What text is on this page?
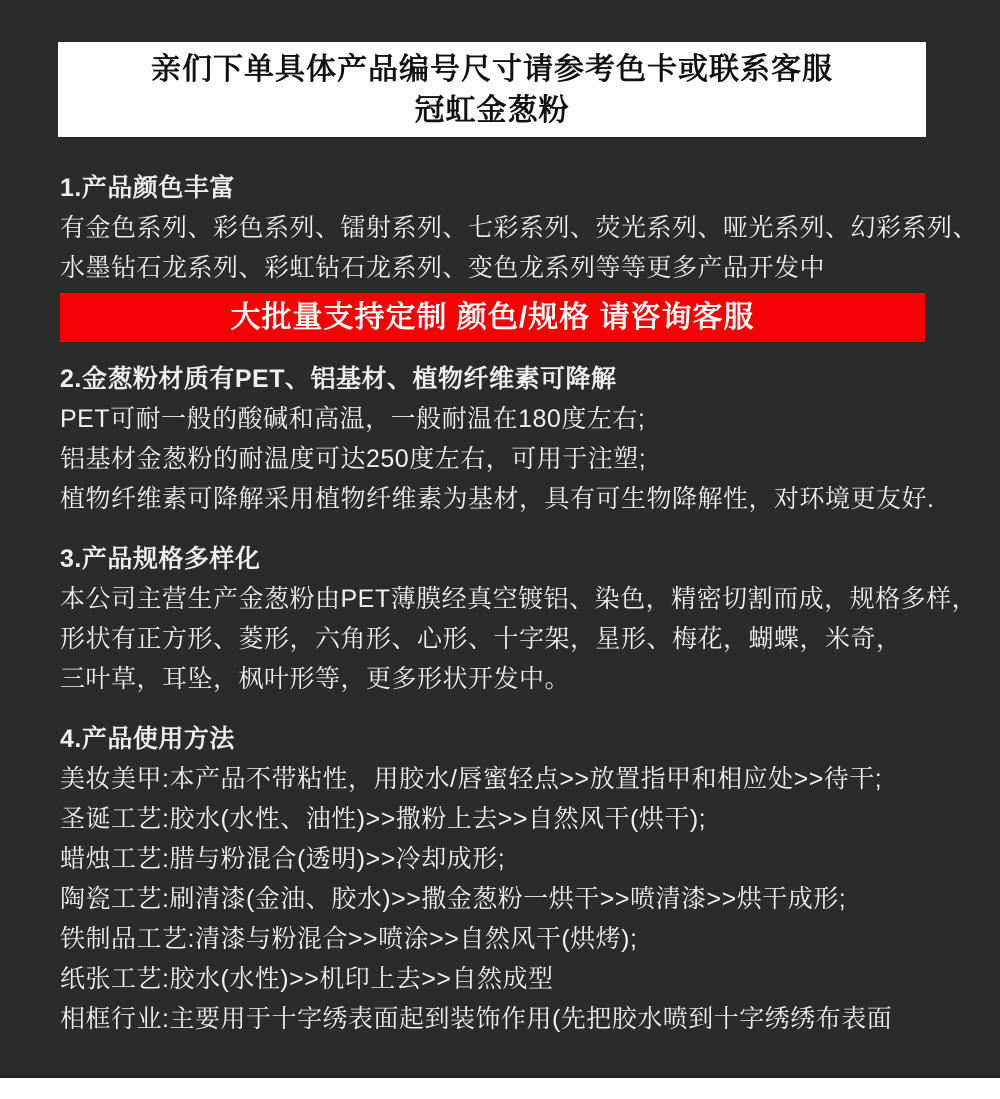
亲们下单具体产品编号尺寸请参考色卡或联系客服
冠虹金葱粉
1.产品颜色丰富
有金色系列、彩色系列、镭射系列、七彩系列、荧光系列、哑光系列、幻彩系列、
水墨钻石龙系列、彩虹钻石龙系列、变色龙系列等等更多产品开发中
大批量支持定制 颜色/规格 请咨询客服
2.金葱粉材质有PET、铝基材、植物纤维素可降解
PET可耐一般的酸碱和高温，一般耐温在180度左右;
铝基材金葱粉的耐温度可达250度左右，可用于注塑;
植物纤维素可降解采用植物纤维素为基材，具有可生物降解性，对环境更友好.
3.产品规格多样化
本公司主营生产金葱粉由PET薄膜经真空镀铝、染色，精密切割而成，规格多样，
形状有正方形、菱形，六角形、心形、十字架，星形、梅花，蝴蝶，米奇，
三叶草，耳坠，枫叶形等，更多形状开发中。
4.产品使用方法
美妆美甲:本产品不带粘性，用胶水/唇蜜轻点>>放置指甲和相应处>>待干;
圣诞工艺:胶水(水性、油性)>>撒粉上去>>自然风干(烘干);
蜡烛工艺:腊与粉混合(透明)>>冷却成形;
陶瓷工艺:刷清漆(金油、胶水)>>撒金葱粉一烘干>>喷清漆>>烘干成形;
铁制品工艺:清漆与粉混合>>喷涂>>自然风干(烘烤);
纸张工艺:胶水(水性)>>机印上去>>自然成型
相框行业:主要用于十字绣表面起到装饰作用(先把胶水喷到十字绣绣布表面
